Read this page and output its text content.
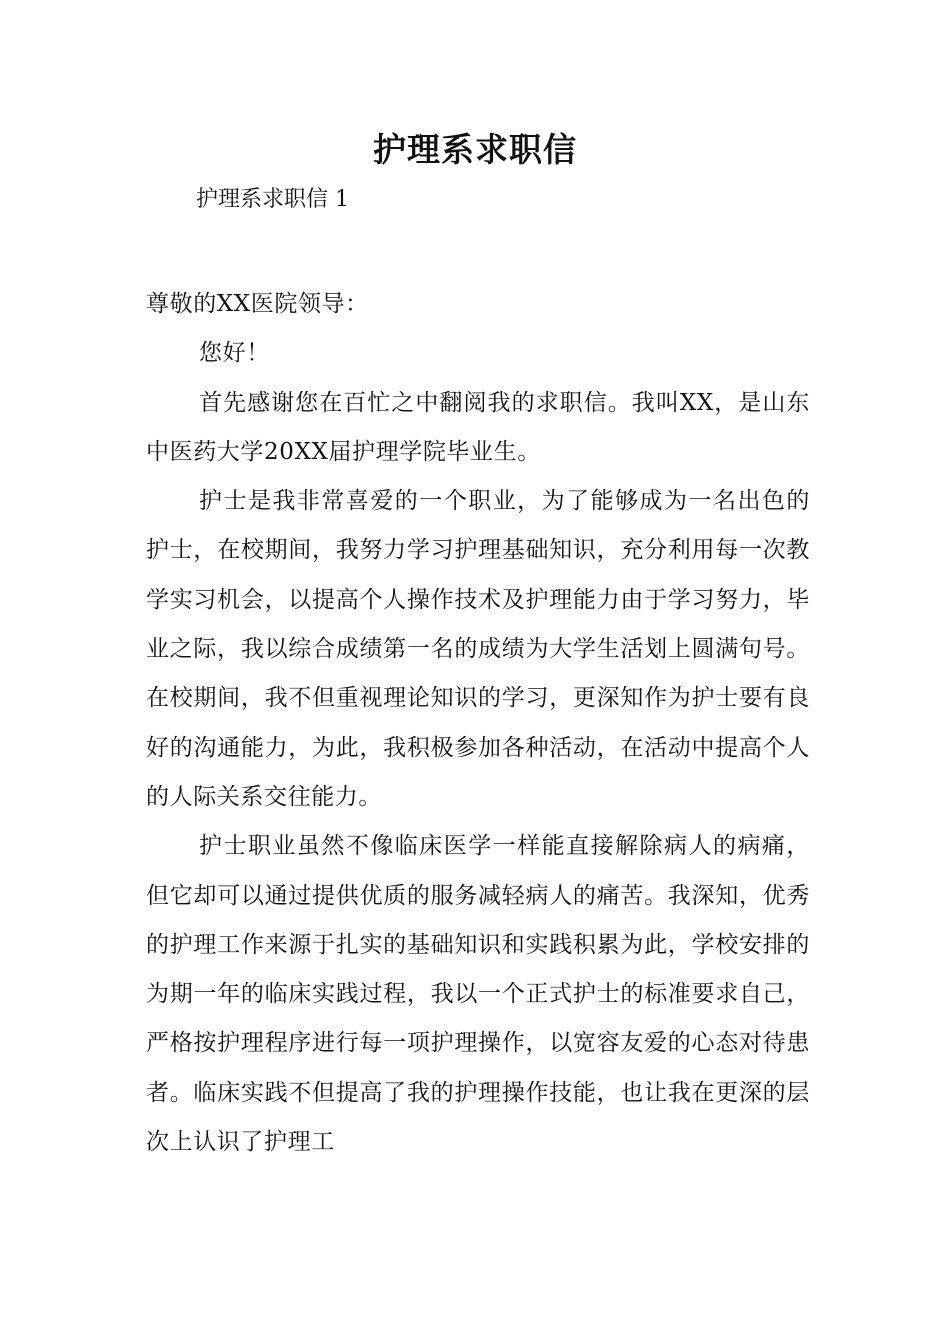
护理系求职信
护理系求职信 1

尊敬的XX医院领导：

您好！

首先感谢您在百忙之中翻阅我的求职信。我叫XX，是山东中医药大学20XX届护理学院毕业生。

护士是我非常喜爱的一个职业，为了能够成为一名出色的护士，在校期间，我努力学习护理基础知识，充分利用每一次教学实习机会，以提高个人操作技术及护理能力由于学习努力，毕业之际，我以综合成绩第一名的成绩为大学生活划上圆满句号。在校期间，我不但重视理论知识的学习，更深知作为护士要有良好的沟通能力，为此，我积极参加各种活动，在活动中提高个人的人际关系交往能力。

护士职业虽然不像临床医学一样能直接解除病人的病痛，但它却可以通过提供优质的服务减轻病人的痛苦。我深知，优秀的护理工作来源于扎实的基础知识和实践积累为此，学校安排的为期一年的临床实践过程，我以一个正式护士的标准要求自己，严格按护理程序进行每一项护理操作，以宽容友爱的心态对待患者。临床实践不但提高了我的护理操作技能，也让我在更深的层次上认识了护理工
